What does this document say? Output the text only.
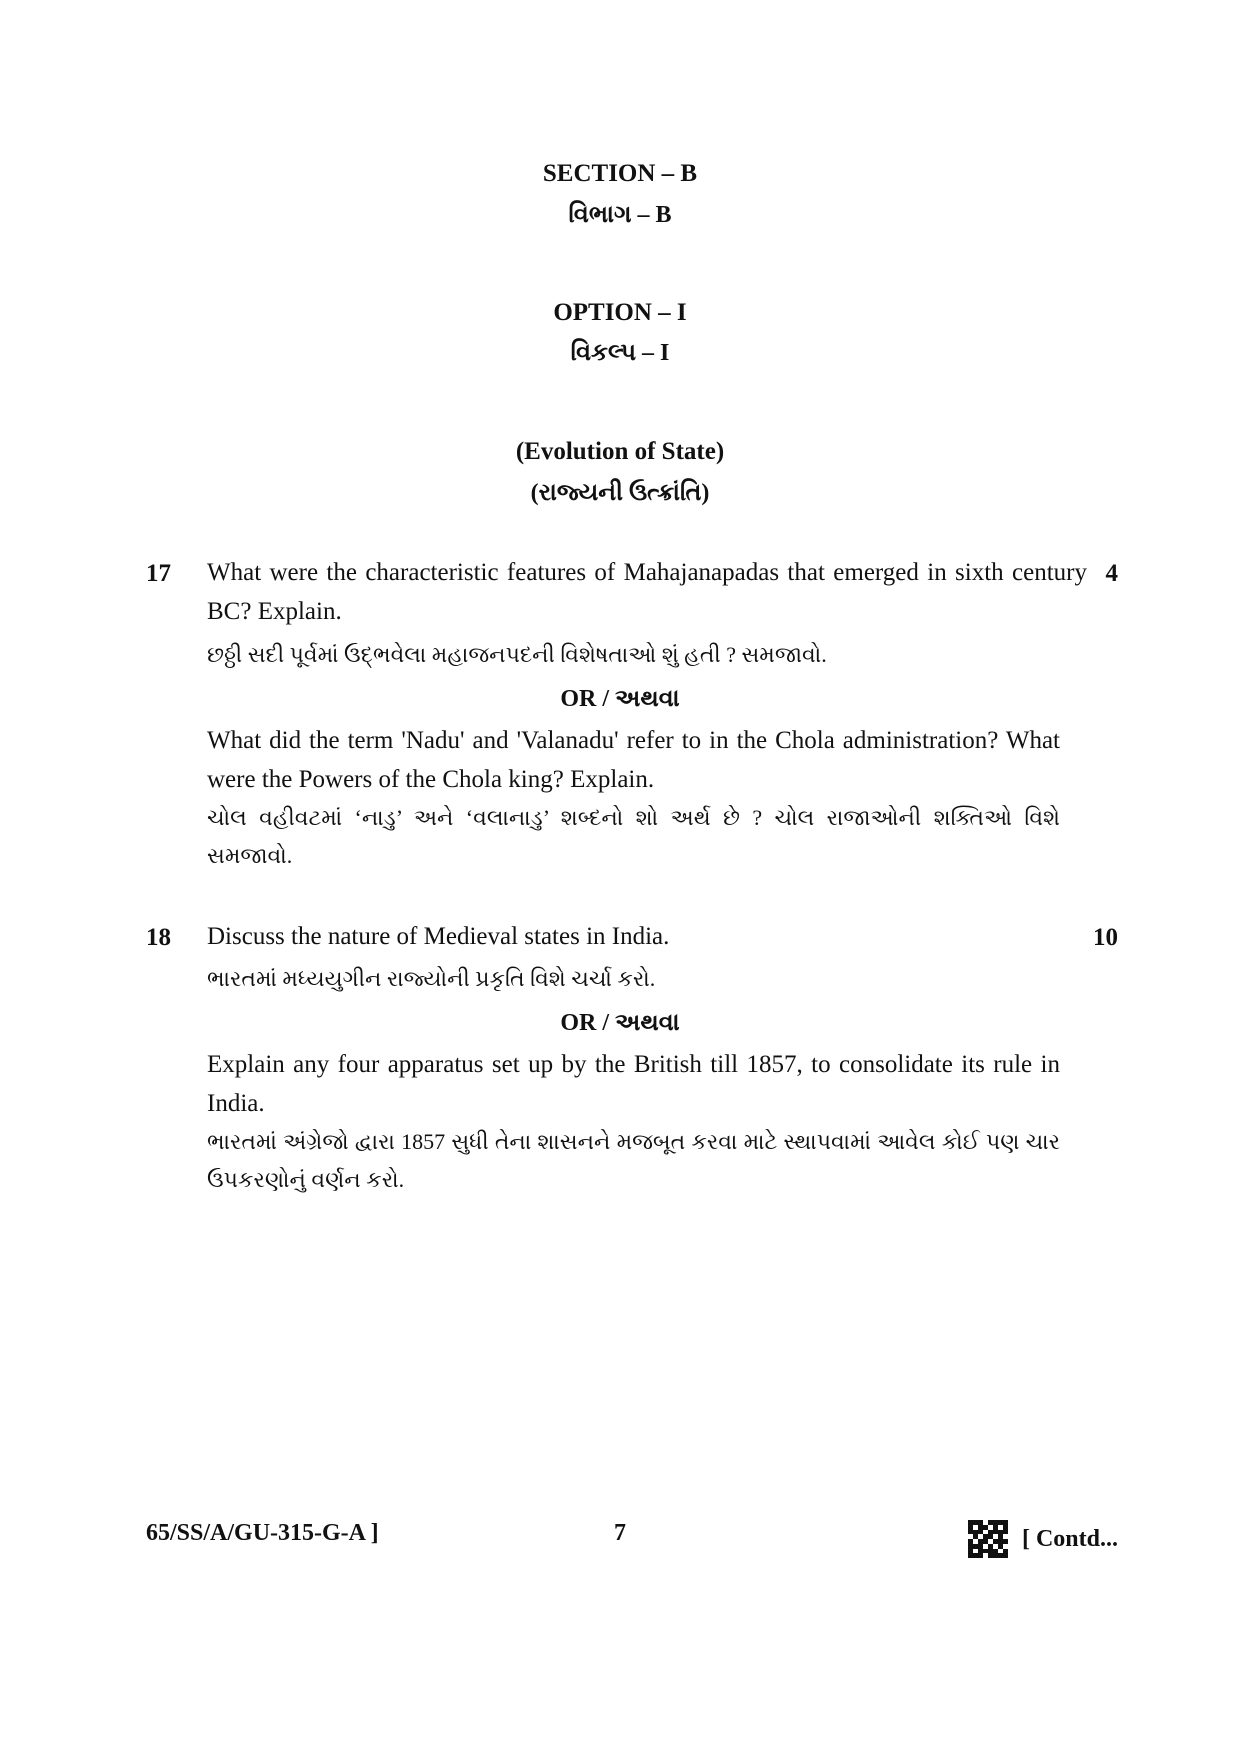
SECTION – B
વિભાગ – B
OPTION – I
વિકલ્પ – I
(Evolution of State)
(રાજ્યની ઉત્ક્રાંતિ)
17	4
What were the characteristic features of Mahajanapadas that emerged in sixth century BC? Explain.
છઠ્ઠી સદી પૂર્વમાં ઉદ્‌ભવેલા મહાજનપદની વિશેષતાઓ શું હતી ? સમજાવો.
OR / અથવા
What did the term 'Nadu' and 'Valanadu' refer to in the Chola administration? What were the Powers of the Chola king? Explain.
ચોલ વહીવટમાં ‘નાડુ’ અને ‘વલાનાડુ’ શબ્દનો શો અર્થ છે ? ચોલ રાજાઓની શક્તિઓ વિશે સમજાવો.
18	10
Discuss the nature of Medieval states in India.
ભારતમાં મધ્યયુગીન રાજ્યોની પ્રકૃતિ વિશે ચર્ચા કરો.
OR / અથવા
Explain any four apparatus set up by the British till 1857, to consolidate its rule in India.
ભારતમાં અંગ્રેજો દ્વારા 1857 સુધી તેના શાસનને મજબૂત કરવા માટે સ્થાપવામાં આવેલ કોઈ પણ ચાર ઉપકરણોનું વર્ણન કરો.
65/SS/A/GU-315-G-A ]	7	[ Contd...
